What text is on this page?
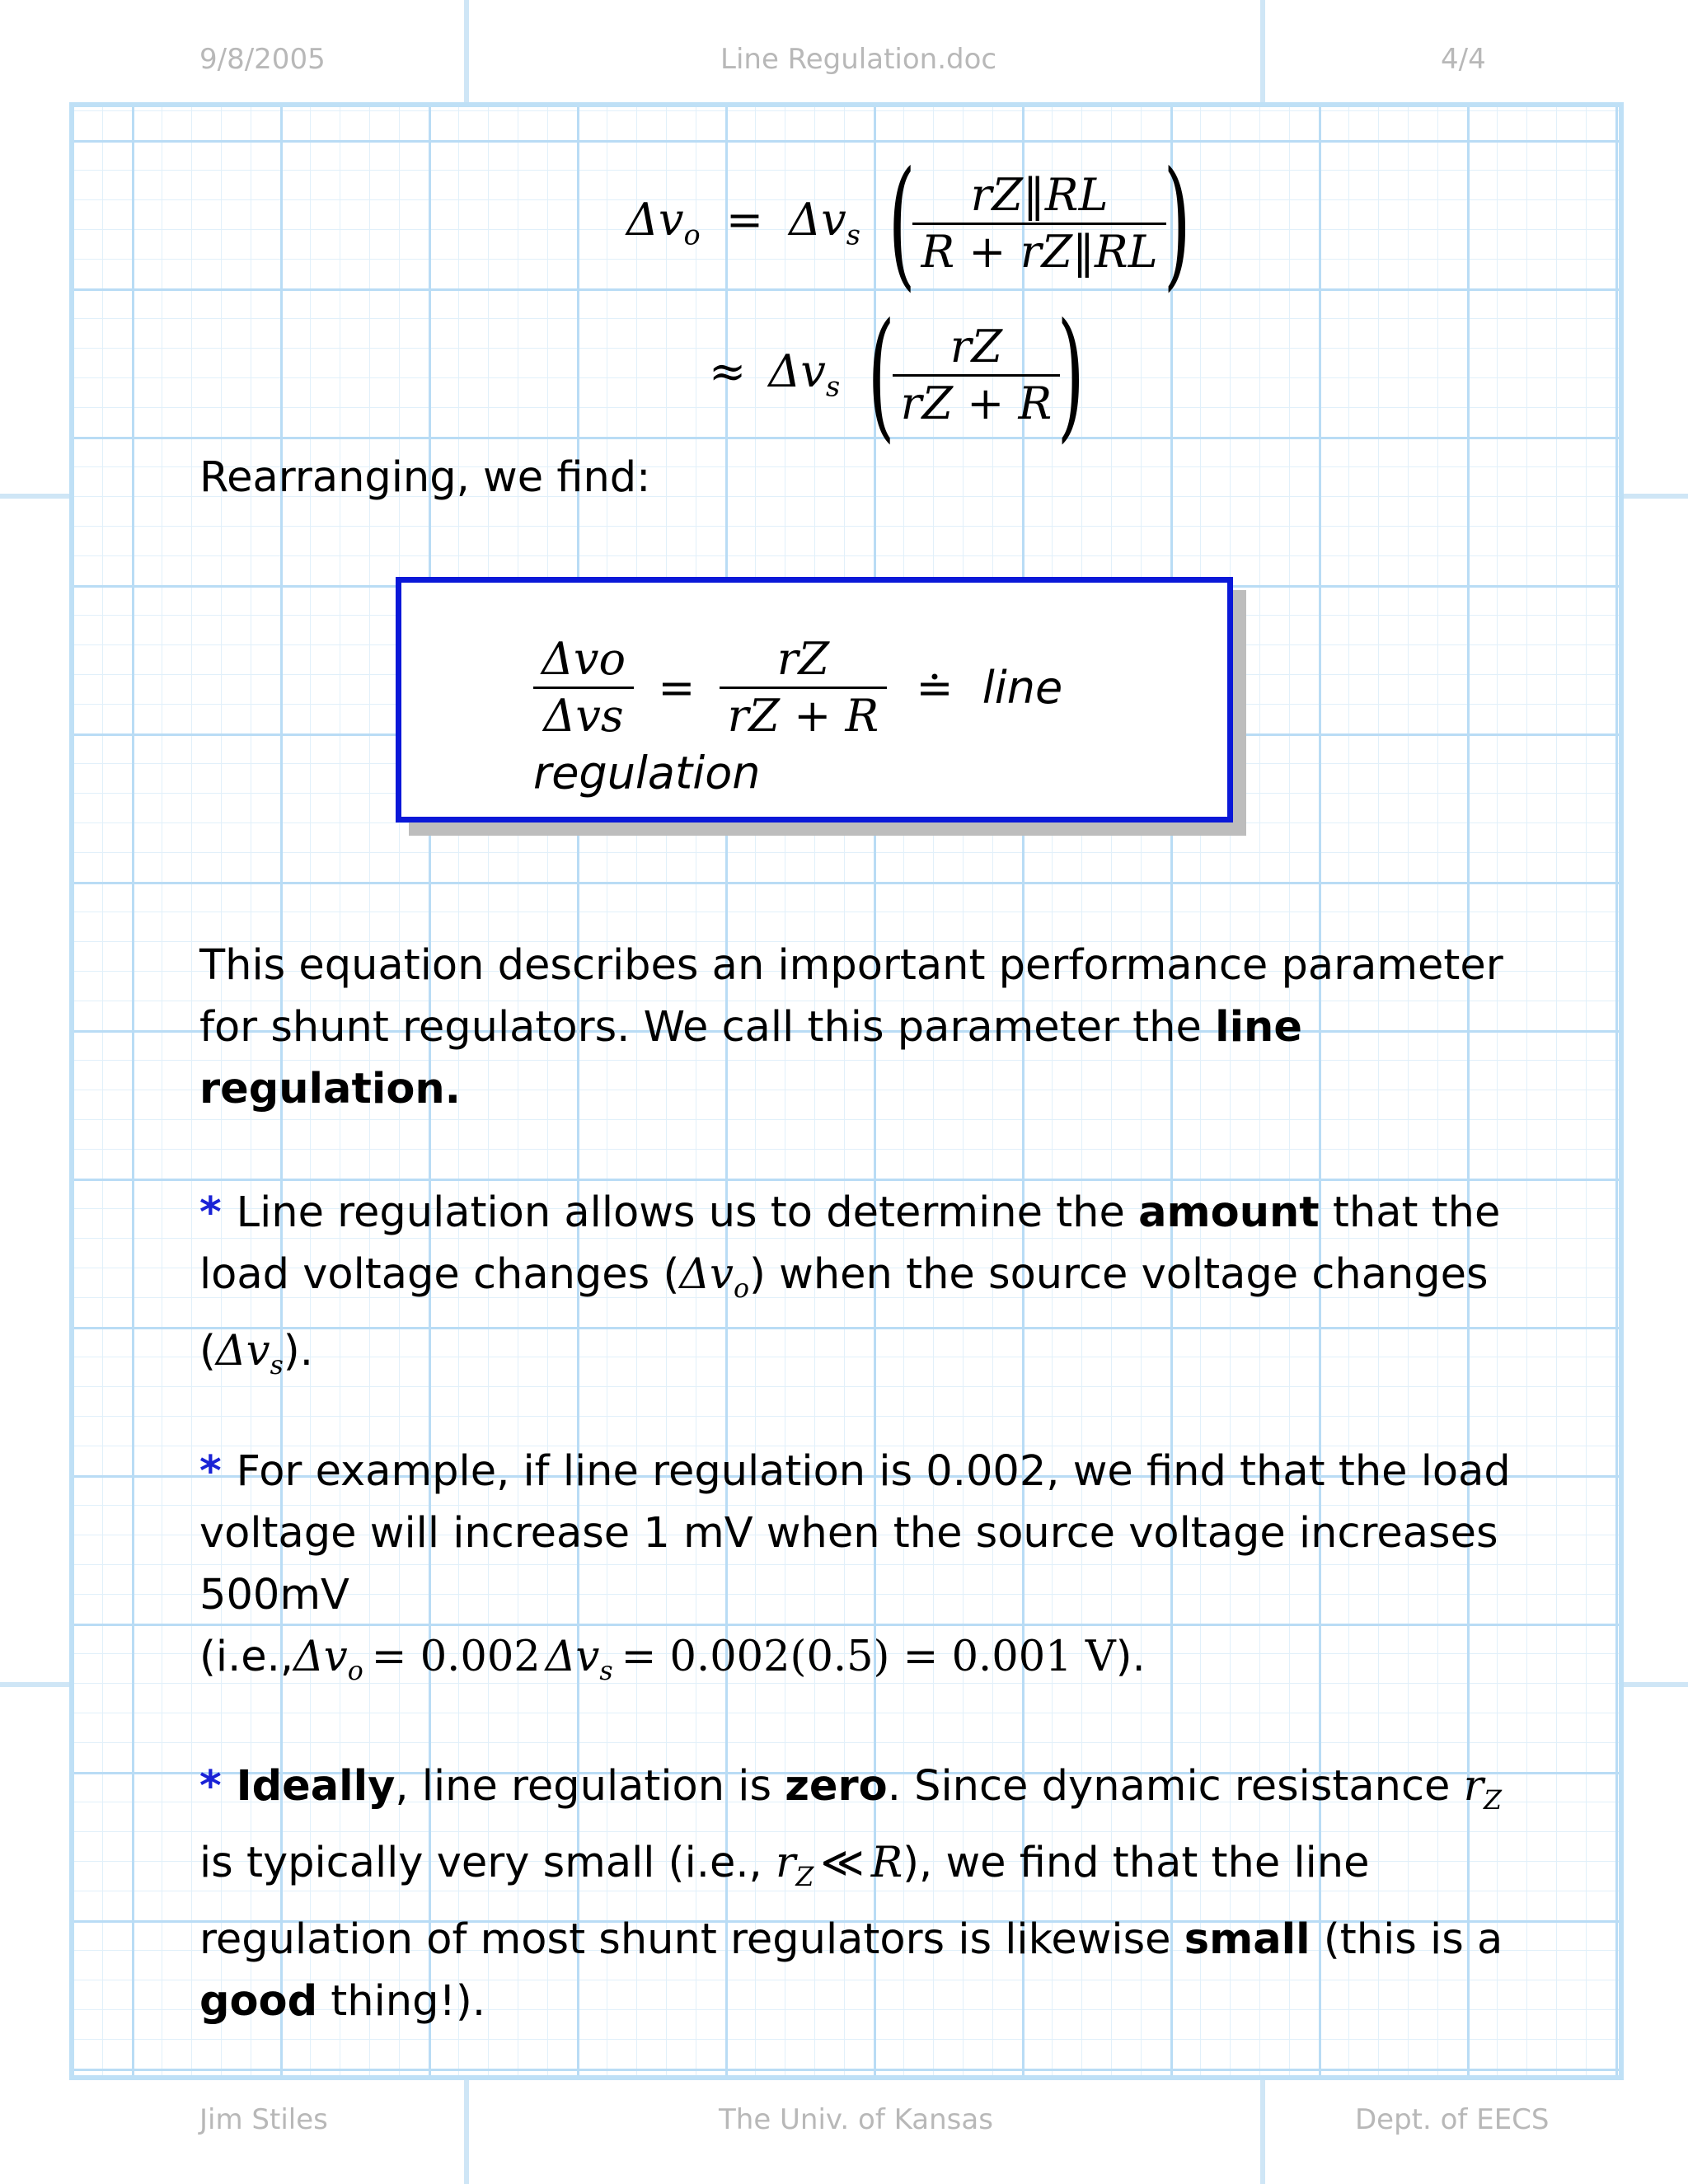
9/8/2005	Line Regulation.doc	4/4
$\Delta v_o = \Delta v_s$ (
$\frac{rZ‖RL}{R + rZ‖RL}$
)
≈ $\Delta v_s$ (
$\frac{rZ}{rZ + R}$
)
Rearranging, we find:
$\frac{\text{Δvo}}{\text{Δvs}} = \frac{rZ}{rZ + R}$ ≐ line regulation
This equation describes an important performance parameter for shunt regulators. We call this parameter the line regulation.
* Line regulation allows us to determine the amount that the load voltage changes $(\Delta v_o)$ when the source voltage changes $(\Delta v_s)$.
* For example, if line regulation is 0.002, we find that the load voltage will increase 1 mV when the source voltage increases 500mV
($i.e.,\Delta v_o = 0.002$ $\Delta v_s = 0.002(0.5) = 0.001$ V).
* Ideally, line regulation is zero. Since dynamic resistance $r_Z$ is typically very small (i.e., $r_Z$ ≪ R), we find that the line regulation of most shunt regulators is likewise small (this is a good thing!).
Jim Stiles	The Univ. of Kansas	Dept. of EECS
